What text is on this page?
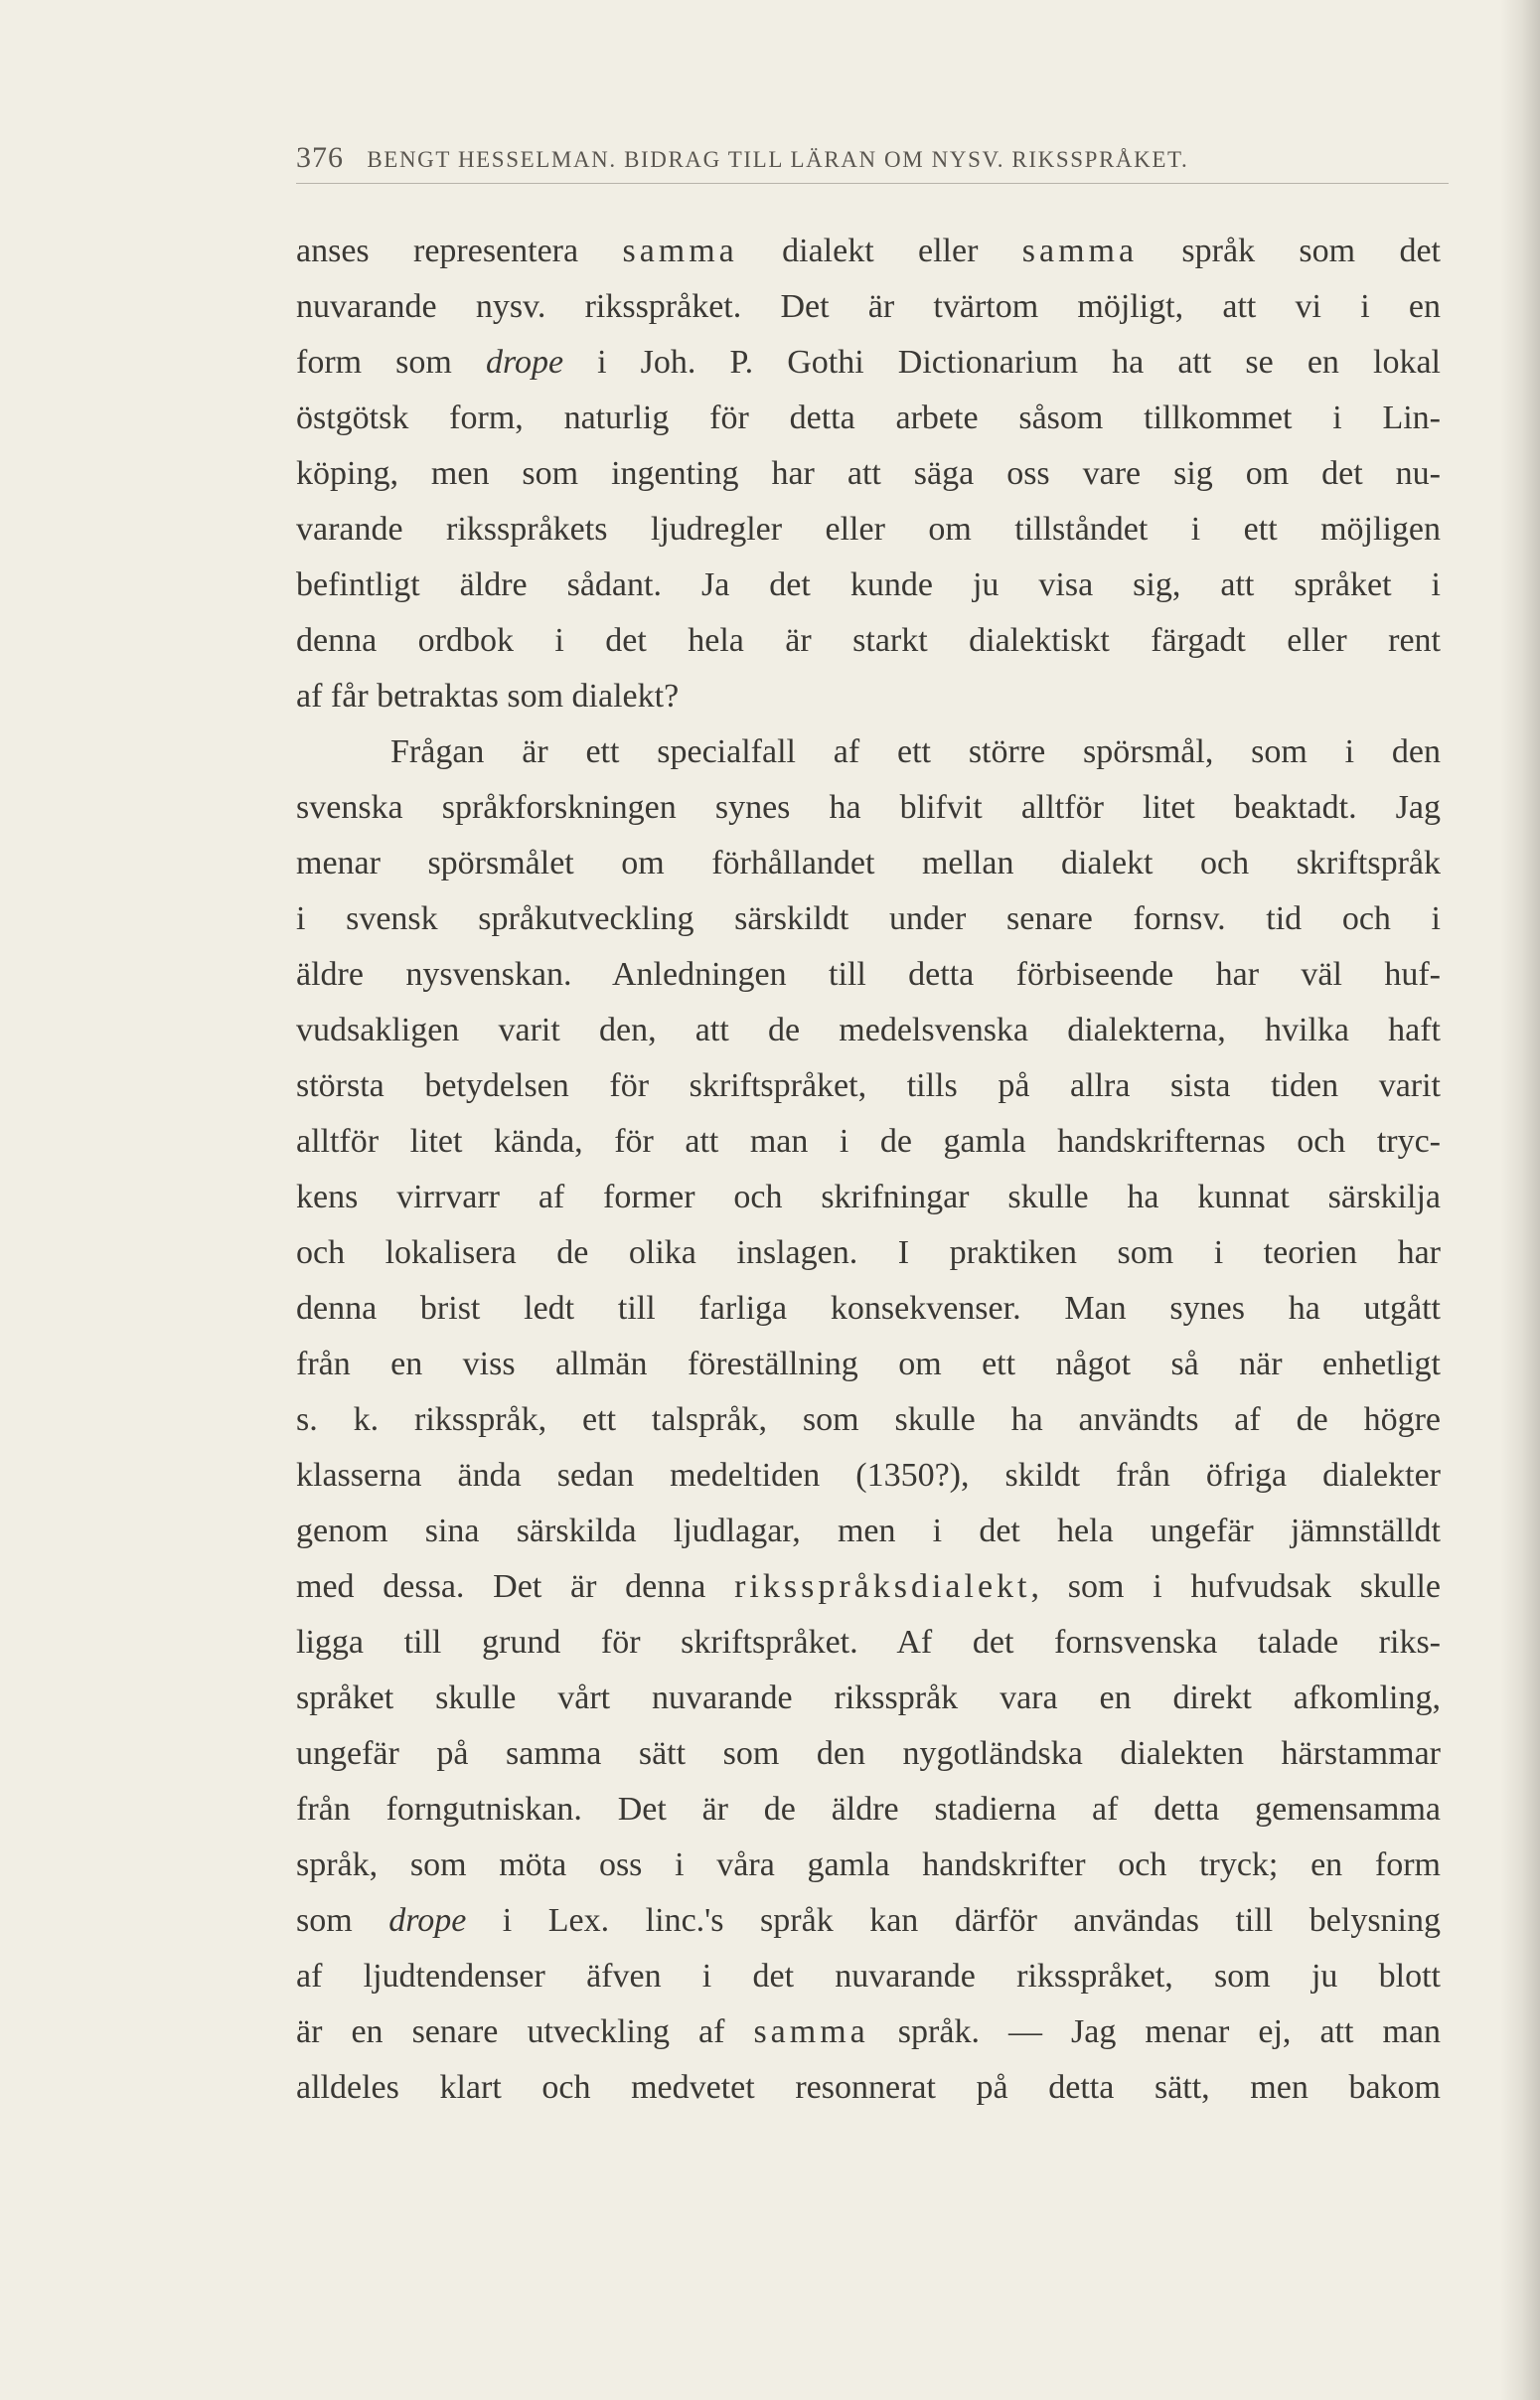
376 BENGT HESSELMAN. BIDRAG TILL LÄRAN OM NYSV. RIKSSPRÅKET.
anses representera samma dialekt eller samma språk som det
nuvarande nysv. riksspråket. Det är tvärtom möjligt, att vi i en
form som drope i Joh. P. Gothi Dictionarium ha att se en lokal
östgötsk form, naturlig för detta arbete såsom tillkommet i Lin-
köping, men som ingenting har att säga oss vare sig om det nu-
varande riksspråkets ljudregler eller om tillståndet i ett möjligen
befintligt äldre sådant. Ja det kunde ju visa sig, att språket i
denna ordbok i det hela är starkt dialektiskt färgadt eller rent
af får betraktas som dialekt?
Frågan är ett specialfall af ett större spörsmål, som i den
svenska språkforskningen synes ha blifvit alltför litet beaktadt. Jag
menar spörsmålet om förhållandet mellan dialekt och skriftspråk
i svensk språkutveckling särskildt under senare fornsv. tid och i
äldre nysvenskan. Anledningen till detta förbiseende har väl huf-
vudsakligen varit den, att de medelsvenska dialekterna, hvilka haft
största betydelsen för skriftspråket, tills på allra sista tiden varit
alltför litet kända, för att man i de gamla handskrifternas och tryc-
kens virrvarr af former och skrifningar skulle ha kunnat särskilja
och lokalisera de olika inslagen. I praktiken som i teorien har
denna brist ledt till farliga konsekvenser. Man synes ha utgått
från en viss allmän föreställning om ett något så när enhetligt
s. k. riksspråk, ett talspråk, som skulle ha användts af de högre
klasserna ända sedan medeltiden (1350?), skildt från öfriga dialekter
genom sina särskilda ljudlagar, men i det hela ungefär jämnställdt
med dessa. Det är denna riksspråksdialekt, som i hufvudsak skulle
ligga till grund för skriftspråket. Af det fornsvenska talade riks-
språket skulle vårt nuvarande riksspråk vara en direkt afkomling,
ungefär på samma sätt som den nygotländska dialekten härstammar
från forngutniskan. Det är de äldre stadierna af detta gemensamma
språk, som möta oss i våra gamla handskrifter och tryck; en form
som drope i Lex. linc.'s språk kan därför användas till belysning
af ljudtendenser äfven i det nuvarande riksspråket, som ju blott
är en senare utveckling af samma språk. — Jag menar ej, att man
alldeles klart och medvetet resonnerat på detta sätt, men bakom
